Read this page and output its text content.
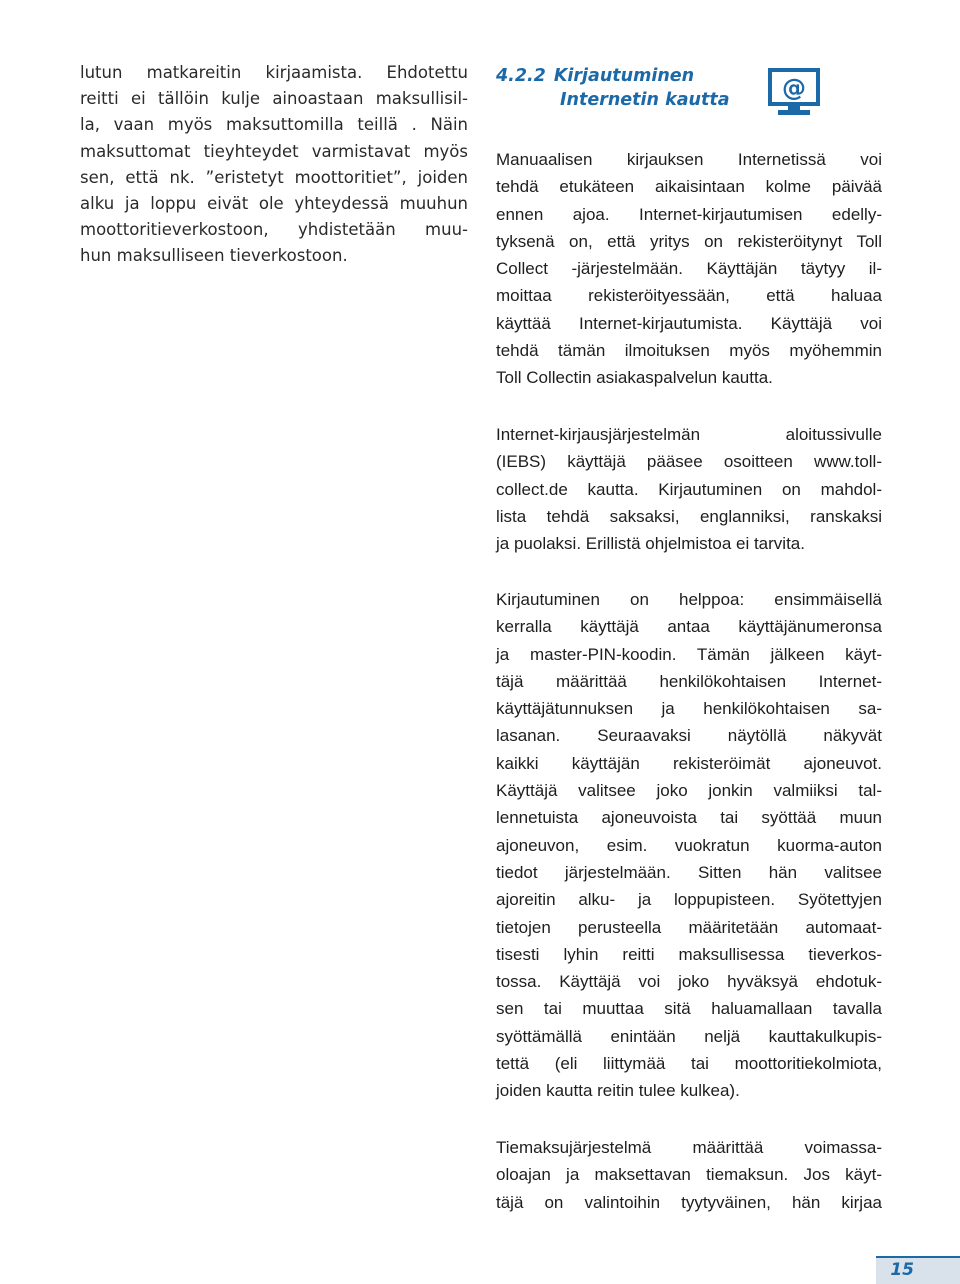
lutun matkareitin kirjaamista. Ehdotettu
reitti ei tällöin kulje ainoastaan maksullisil-
la, vaan myös maksuttomilla teillä . Näin
maksuttomat tieyhteydet varmistavat myös
sen, että nk. ”eristetyt moottoritiet”, joiden
alku ja loppu eivät ole yhteydessä muuhun
moottoritieverkostoon, yhdistetään muu-
hun maksulliseen tieverkostoon.
4.2.2 Kirjautuminen
Internetin kautta	@
Manuaalisen kirjauksen Internetissä voi
tehdä etukäteen aikaisintaan kolme päivää
ennen ajoa. Internet-kirjautumisen edelly-
tyksenä on, että yritys on rekisteröitynyt Toll
Collect -järjestelmään. Käyttäjän täytyy il-
moittaa rekisteröityessään, että haluaa
käyttää Internet-kirjautumista. Käyttäjä voi
tehdä tämän ilmoituksen myös myöhemmin
Toll Collectin asiakaspalvelun kautta.
Internet-kirjausjärjestelmän aloitussivulle
(IEBS) käyttäjä pääsee osoitteen www.toll-
collect.de kautta. Kirjautuminen on mahdol-
lista tehdä saksaksi, englanniksi, ranskaksi
ja puolaksi. Erillistä ohjelmistoa ei tarvita.
Kirjautuminen on helppoa: ensimmäisellä
kerralla käyttäjä antaa käyttäjänumeronsa
ja master-PIN-koodin. Tämän jälkeen käyt-
täjä määrittää henkilökohtaisen Internet-
käyttäjätunnuksen ja henkilökohtaisen sa-
lasanan. Seuraavaksi näytöllä näkyvät
kaikki käyttäjän rekisteröimät ajoneuvot.
Käyttäjä valitsee joko jonkin valmiiksi tal-
lennetuista ajoneuvoista tai syöttää muun
ajoneuvon, esim. vuokratun kuorma-auton
tiedot järjestelmään. Sitten hän valitsee
ajoreitin alku- ja loppupisteen. Syötettyjen
tietojen perusteella määritetään automaat-
tisesti lyhin reitti maksullisessa tieverkos-
tossa. Käyttäjä voi joko hyväksyä ehdotuk-
sen tai muuttaa sitä haluamallaan tavalla
syöttämällä enintään neljä kauttakulkupis-
tettä (eli liittymää tai moottoritiekolmiota,
joiden kautta reitin tulee kulkea).
Tiemaksujärjestelmä määrittää voimassa-
oloajan ja maksettavan tiemaksun. Jos käyt-
täjä on valintoihin tyytyväinen, hän kirjaa
15
